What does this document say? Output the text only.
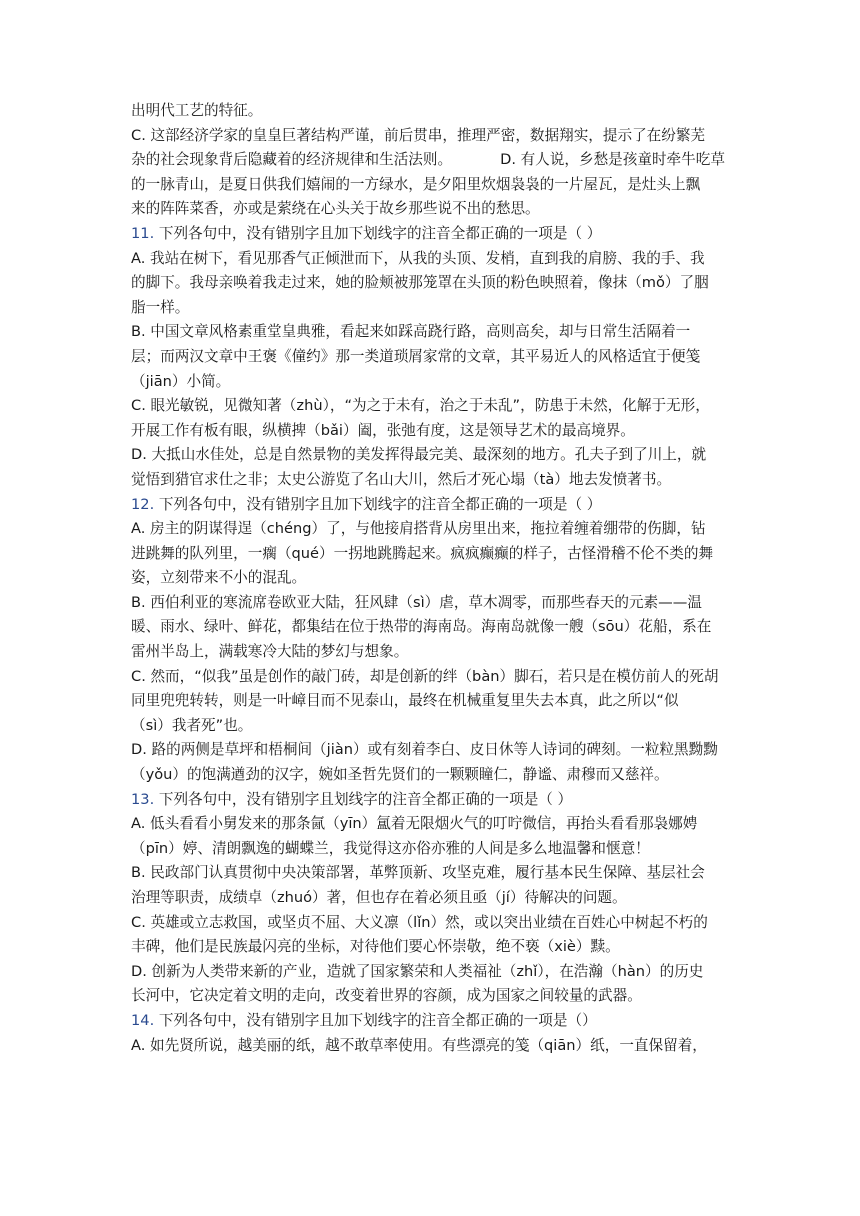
出明代工艺的特征。
C. 这部经济学家的皇皇巨著结构严谨，前后贯串，推理严密，数据翔实，提示了在纷繁芜
杂的社会现象背后隐藏着的经济规律和生活法则。	D. 有人说，乡愁是孩童时牵牛吃草
的一脉青山，是夏日供我们嬉闹的一方绿水，是夕阳里炊烟袅袅的一片屋瓦，是灶头上飘
来的阵阵菜香，亦或是萦绕在心头关于故乡那些说不出的愁思。
11. 下列各句中，没有错别字且加下划线字的注音全都正确的一项是（ ）
A. 我站在树下，看见那香气正倾泄而下，从我的头顶、发梢，直到我的肩膀、我的手、我
的脚下。我母亲唤着我走过来，她的脸颊被那笼罩在头顶的粉色映照着，像抹（mǒ）了胭
脂一样。
B. 中国文章风格素重堂皇典雅，看起来如踩高跷行路，高则高矣，却与日常生活隔着一
层；而两汉文章中王褒《僮约》那一类道琐屑家常的文章，其平易近人的风格适宜于便笺
（jiān）小简。
C. 眼光敏锐，见微知著（zhù），“为之于未有，治之于未乱”，防患于未然，化解于无形，
开展工作有板有眼，纵横捭（bǎi）阖，张弛有度，这是领导艺术的最高境界。
D. 大抵山水佳处，总是自然景物的美发挥得最完美、最深刻的地方。孔夫子到了川上，就
觉悟到猎官求仕之非；太史公游览了名山大川，然后才死心塌（tà）地去发愤著书。
12. 下列各句中，没有错别字且加下划线字的注音全都正确的一项是（ ）
A. 房主的阴谋得逞（chéng）了，与他接肩搭背从房里出来，拖拉着缠着绷带的伤脚，钻
进跳舞的队列里，一瘸（qué）一拐地跳腾起来。疯疯癫癫的样子，古怪滑稽不伦不类的舞
姿，立刻带来不小的混乱。
B. 西伯利亚的寒流席卷欧亚大陆，狂风肆（sì）虐，草木凋零，而那些春天的元素——温
暖、雨水、绿叶、鲜花，都集结在位于热带的海南岛。海南岛就像一艘（sōu）花船，系在
雷州半岛上，满载寒冷大陆的梦幻与想象。
C. 然而，“似我”虽是创作的敲门砖，却是创新的绊（bàn）脚石，若只是在模仿前人的死胡
同里兜兜转转，则是一叶嶂目而不见泰山，最终在机械重复里失去本真，此之所以“似
（sì）我者死”也。
D. 路的两侧是草坪和梧桐间（jiàn）或有刻着李白、皮日休等人诗词的碑刻。一粒粒黑黝黝
（yǒu）的饱满遒劲的汉字，婉如圣哲先贤们的一颗颗瞳仁，静谧、肃穆而又慈祥。
13. 下列各句中，没有错别字且划线字的注音全都正确的一项是（ ）
A. 低头看看小舅发来的那条氤（yīn）氲着无限烟火气的叮咛微信，再抬头看看那袅娜娉
（pīn）婷、清朗飘逸的蝴蝶兰，我觉得这亦俗亦雅的人间是多么地温馨和惬意！
B. 民政部门认真贯彻中央决策部署，革弊顶新、攻坚克难，履行基本民生保障、基层社会
治理等职责，成绩卓（zhuó）著，但也存在着必须且亟（jí）待解决的问题。
C. 英雄或立志救国，或坚贞不屈、大义凛（lǐn）然，或以突出业绩在百姓心中树起不朽的
丰碑，他们是民族最闪亮的坐标，对待他们要心怀崇敬，绝不亵（xiè）黩。
D. 创新为人类带来新的产业，造就了国家繁荣和人类福祉（zhǐ），在浩瀚（hàn）的历史
长河中，它决定着文明的走向，改变着世界的容颜，成为国家之间较量的武器。
14. 下列各句中，没有错别字且加下划线字的注音全都正确的一项是（）
A. 如先贤所说，越美丽的纸，越不敢草率使用。有些漂亮的笺（qiān）纸，一直保留着，
